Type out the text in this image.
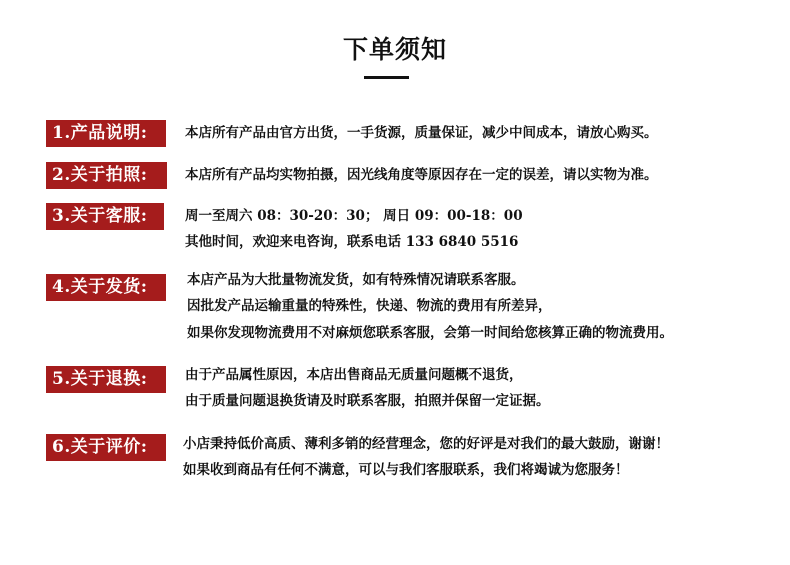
下单须知
1.产品说明:	本店所有产品由官方出货，一手货源，质量保证，减少中间成本，请放心购买。
2.关于拍照:	本店所有产品均实物拍摄，因光线角度等原因存在一定的误差，请以实物为准。
3.关于客服:	周一至周六 08：30-20：30； 周日 09：00-18：00
其他时间，欢迎来电咨询，联系电话 133 6840 5516
4.关于发货:	本店产品为大批量物流发货，如有特殊情况请联系客服。
因批发产品运输重量的特殊性，快递、物流的费用有所差异，
如果你发现物流费用不对麻烦您联系客服，会第一时间给您核算正确的物流费用。
5.关于退换:	由于产品属性原因，本店出售商品无质量问题概不退货，
由于质量问题退换货请及时联系客服，拍照并保留一定证据。
6.关于评价:	小店秉持低价高质、薄利多销的经营理念，您的好评是对我们的最大鼓励，谢谢！
如果收到商品有任何不满意，可以与我们客服联系，我们将竭诚为您服务！
